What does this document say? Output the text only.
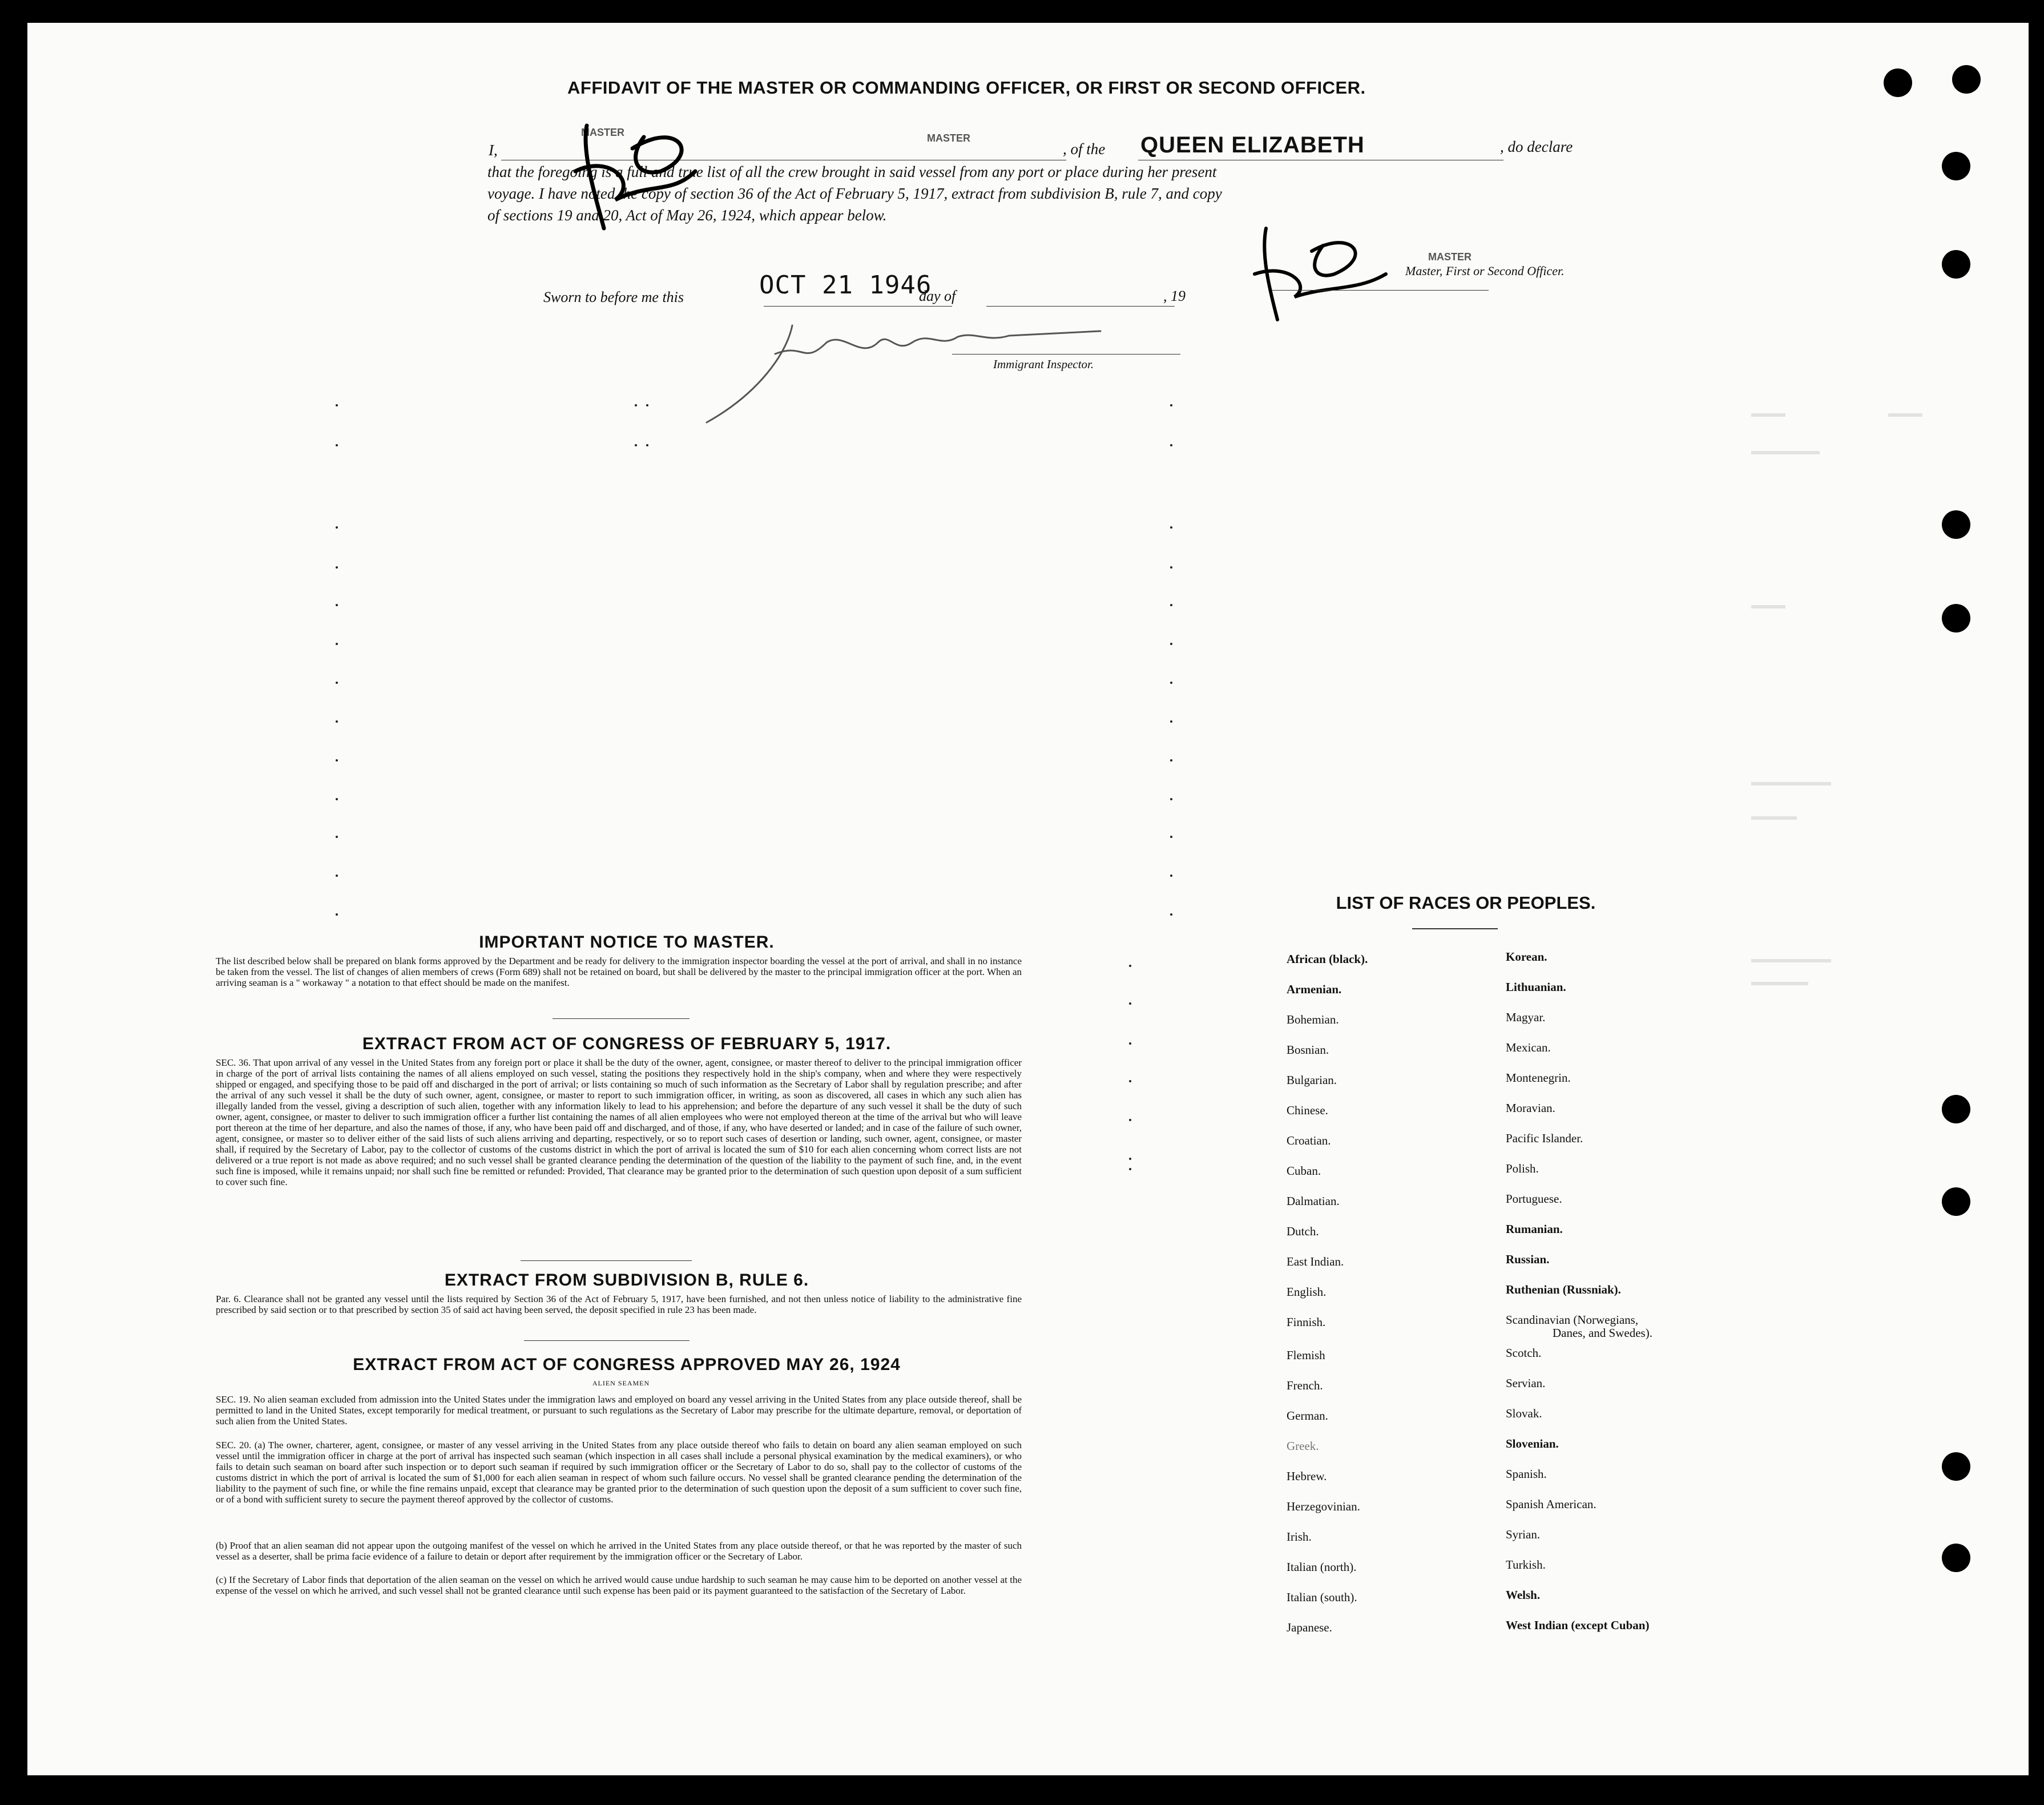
AFFIDAVIT OF THE MASTER OR COMMANDING OFFICER, OR FIRST OR SECOND OFFICER.
I,
MASTER	MASTER
, of the QUEEN ELIZABETH	, do declare
that the foregoing is a full and true list of all the crew brought in said vessel from any port or place during her present
voyage. I have noted the copy of section 36 of the Act of February 5, 1917, extract from subdivision B, rule 7, and copy
of sections 19 and 20, Act of May 26, 1924, which appear below.
MASTER
Master, First or Second Officer.
Sworn to before me this	OCT 21 1946
day of	, 19
Immigrant Inspector.
IMPORTANT NOTICE TO MASTER.
The list described below shall be prepared on blank forms approved by the Department and be ready for delivery to the immigration inspector boarding the vessel at the port of arrival, and shall in no instance be taken from the vessel. The list of changes of alien members of crews (Form 689) shall not be retained on board, but shall be delivered by the master to the principal immigration officer at the port. When an arriving seaman is a " workaway " a notation to that effect should be made on the manifest.
EXTRACT FROM ACT OF CONGRESS OF FEBRUARY 5, 1917.
SEC. 36. That upon arrival of any vessel in the United States from any foreign port or place it shall be the duty of the owner, agent, consignee, or master thereof to deliver to the principal immigration officer in charge of the port of arrival lists containing the names of all aliens employed on such vessel, stating the positions they respectively hold in the ship's company, when and where they were respectively shipped or engaged, and specifying those to be paid off and discharged in the port of arrival; or lists containing so much of such information as the Secretary of Labor shall by regulation prescribe; and after the arrival of any such vessel it shall be the duty of such owner, agent, consignee, or master to report to such immigration officer, in writing, as soon as discovered, all cases in which any such alien has illegally landed from the vessel, giving a description of such alien, together with any information likely to lead to his apprehension; and before the departure of any such vessel it shall be the duty of such owner, agent, consignee, or master to deliver to such immigration officer a further list containing the names of all alien employees who were not employed thereon at the time of the arrival but who will leave port thereon at the time of her departure, and also the names of those, if any, who have been paid off and discharged, and of those, if any, who have deserted or landed; and in case of the failure of such owner, agent, consignee, or master so to deliver either of the said lists of such aliens arriving and departing, respectively, or so to report such cases of desertion or landing, such owner, agent, consignee, or master shall, if required by the Secretary of Labor, pay to the collector of customs of the customs district in which the port of arrival is located the sum of $10 for each alien concerning whom correct lists are not delivered or a true report is not made as above required; and no such vessel shall be granted clearance pending the determination of the question of the liability to the payment of such fine, and, in the event such fine is imposed, while it remains unpaid; nor shall such fine be remitted or refunded: Provided, That clearance may be granted prior to the determination of such question upon deposit of a sum sufficient to cover such fine.
EXTRACT FROM SUBDIVISION B, RULE 6.
Par. 6. Clearance shall not be granted any vessel until the lists required by Section 36 of the Act of February 5, 1917, have been furnished, and not then unless notice of liability to the administrative fine prescribed by said section or to that prescribed by section 35 of said act having been served, the deposit specified in rule 23 has been made.
EXTRACT FROM ACT OF CONGRESS APPROVED MAY 26, 1924
ALIEN SEAMEN
SEC. 19. No alien seaman excluded from admission into the United States under the immigration laws and employed on board any vessel arriving in the United States from any place outside thereof, shall be permitted to land in the United States, except temporarily for medical treatment, or pursuant to such regulations as the Secretary of Labor may prescribe for the ultimate departure, removal, or deportation of such alien from the United States.
SEC. 20. (a) The owner, charterer, agent, consignee, or master of any vessel arriving in the United States from any place outside thereof who fails to detain on board any alien seaman employed on such vessel until the immigration officer in charge at the port of arrival has inspected such seaman (which inspection in all cases shall include a personal physical examination by the medical examiners), or who fails to detain such seaman on board after such inspection or to deport such seaman if required by such immigration officer or the Secretary of Labor to do so, shall pay to the collector of customs of the customs district in which the port of arrival is located the sum of $1,000 for each alien seaman in respect of whom such failure occurs. No vessel shall be granted clearance pending the determination of the liability to the payment of such fine, or while the fine remains unpaid, except that clearance may be granted prior to the determination of such question upon the deposit of a sum sufficient to cover such fine, or of a bond with sufficient surety to secure the payment thereof approved by the collector of customs.
(b) Proof that an alien seaman did not appear upon the outgoing manifest of the vessel on which he arrived in the United States from any place outside thereof, or that he was reported by the master of such vessel as a deserter, shall be prima facie evidence of a failure to detain or deport after requirement by the immigration officer or the Secretary of Labor.
(c) If the Secretary of Labor finds that deportation of the alien seaman on the vessel on which he arrived would cause undue hardship to such seaman he may cause him to be deported on another vessel at the expense of the vessel on which he arrived, and such vessel shall not be granted clearance until such expense has been paid or its payment guaranteed to the satisfaction of the Secretary of Labor.
LIST OF RACES OR PEOPLES.
African (black).
Armenian.
Bohemian.
Bosnian.
Bulgarian.
Chinese.
Croatian.
Cuban.
Dalmatian.
Dutch.
East Indian.
English.
Finnish.
Flemish
French.
German.
Greek.
Hebrew.
Herzegovinian.
Irish.
Italian (north).
Italian (south).
Japanese.
Korean.
Lithuanian.
Magyar.
Mexican.
Montenegrin.
Moravian.
Pacific Islander.
Polish.
Portuguese.
Rumanian.
Russian.
Ruthenian (Russniak).
Scandinavian (Norwegians,
Danes, and Swedes).
Scotch.
Servian.
Slovak.
Slovenian.
Spanish.
Spanish American.
Syrian.
Turkish.
Welsh.
West Indian (except Cuban)
